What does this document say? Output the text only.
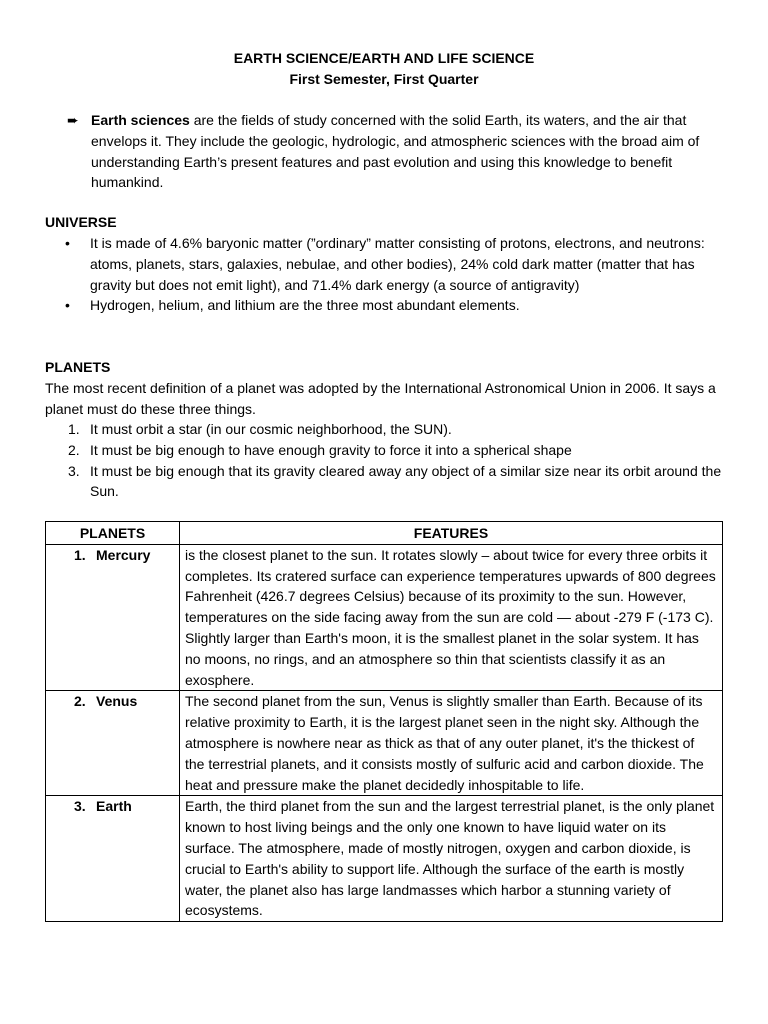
EARTH SCIENCE/EARTH AND LIFE SCIENCE
First Semester, First Quarter
➨ Earth sciences are the fields of study concerned with the solid Earth, its waters, and the air that envelops it. They include the geologic, hydrologic, and atmospheric sciences with the broad aim of understanding Earth’s present features and past evolution and using this knowledge to benefit humankind.
UNIVERSE
• It is made of 4.6% baryonic matter (”ordinary” matter consisting of protons, electrons, and neutrons: atoms, planets, stars, galaxies, nebulae, and other bodies), 24% cold dark matter (matter that has gravity but does not emit light), and 71.4% dark energy (a source of antigravity)
• Hydrogen, helium, and lithium are the three most abundant elements.
PLANETS
The most recent definition of a planet was adopted by the International Astronomical Union in 2006. It says a planet must do these three things.
1. It must orbit a star (in our cosmic neighborhood, the SUN).
2. It must be big enough to have enough gravity to force it into a spherical shape
3. It must be big enough that its gravity cleared away any object of a similar size near its orbit around the Sun.
PLANETS	FEATURES
1. Mercury	is the closest planet to the sun. It rotates slowly – about twice for every three orbits it completes. Its cratered surface can experience temperatures upwards of 800 degrees Fahrenheit (426.7 degrees Celsius) because of its proximity to the sun. However, temperatures on the side facing away from the sun are cold — about -279 F (-173 C). Slightly larger than Earth's moon, it is the smallest planet in the solar system. It has no moons, no rings, and an atmosphere so thin that scientists classify it as an exosphere.
2. Venus	The second planet from the sun, Venus is slightly smaller than Earth. Because of its relative proximity to Earth, it is the largest planet seen in the night sky. Although the atmosphere is nowhere near as thick as that of any outer planet, it's the thickest of the terrestrial planets, and it consists mostly of sulfuric acid and carbon dioxide. The heat and pressure make the planet decidedly inhospitable to life.
3. Earth	Earth, the third planet from the sun and the largest terrestrial planet, is the only planet known to host living beings and the only one known to have liquid water on its surface. The atmosphere, made of mostly nitrogen, oxygen and carbon dioxide, is crucial to Earth's ability to support life. Although the surface of the earth is mostly water, the planet also has large landmasses which harbor a stunning variety of ecosystems.
